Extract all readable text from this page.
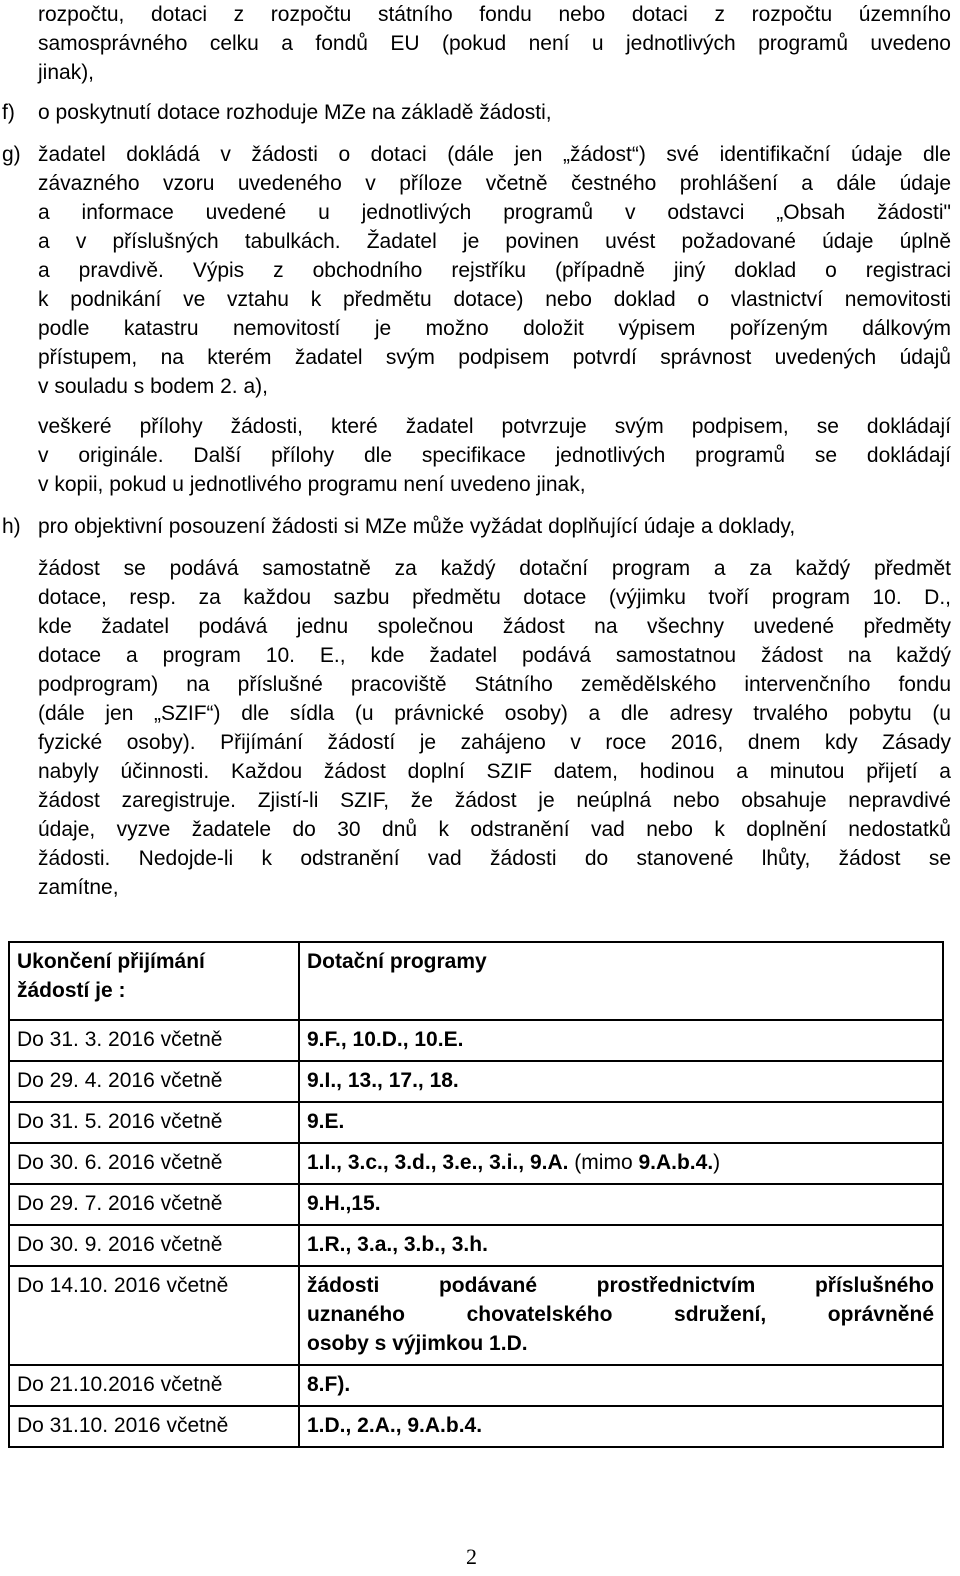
rozpočtu, dotaci z rozpočtu státního fondu nebo dotaci z rozpočtu územního
samosprávného celku a fondů EU (pokud není u jednotlivých programů uvedeno
jinak),
f)	o poskytnutí dotace rozhoduje MZe na základě žádosti,
g) žadatel dokládá v žádosti o dotaci (dále jen „žádost“) své identifikační údaje dle
závazného vzoru uvedeného v příloze včetně čestného prohlášení a dále údaje
a informace uvedené u jednotlivých programů v odstavci „Obsah žádosti"
a v příslušných tabulkách. Žadatel je povinen uvést požadované údaje úplně
a pravdivě. Výpis z obchodního rejstříku (případně jiný doklad o registraci
k podnikání ve vztahu k předmětu dotace) nebo doklad o vlastnictví nemovitosti
podle katastru nemovitostí je možno doložit výpisem pořízeným dálkovým
přístupem, na kterém žadatel svým podpisem potvrdí správnost uvedených údajů
v souladu s bodem 2. a),
veškeré přílohy žádosti, které žadatel potvrzuje svým podpisem, se dokládají
v originále. Další přílohy dle specifikace jednotlivých programů se dokládají
v kopii, pokud u jednotlivého programu není uvedeno jinak,
h) pro objektivní posouzení žádosti si MZe může vyžádat doplňující údaje a doklady,
žádost se podává samostatně za každý dotační program a za každý předmět
dotace, resp. za každou sazbu předmětu dotace (výjimku tvoří program 10. D.,
kde žadatel podává jednu společnou žádost na všechny uvedené předměty
dotace a program 10. E., kde žadatel podává samostatnou žádost na každý
podprogram) na příslušné pracoviště Státního zemědělského intervenčního fondu
(dále jen „SZIF“) dle sídla (u právnické osoby) a dle adresy trvalého pobytu (u
fyzické osoby). Přijímání žádostí je zahájeno v roce 2016, dnem kdy Zásady
nabyly účinnosti. Každou žádost doplní SZIF datem, hodinou a minutou přijetí a
žádost zaregistruje. Zjistí-li SZIF, že žádost je neúplná nebo obsahuje nepravdivé
údaje, vyzve žadatele do 30 dnů k odstranění vad nebo k doplnění nedostatků
žádosti. Nedojde-li k odstranění vad žádosti do stanovené lhůty, žádost se
zamítne,
Ukončení přijímání
žádostí je :	Dotační programy
Do 31. 3. 2016 včetně	9.F., 10.D., 10.E.
Do 29. 4. 2016 včetně	9.I., 13., 17., 18.
Do 31. 5. 2016 včetně	9.E.
Do 30. 6. 2016 včetně	1.I., 3.c., 3.d., 3.e., 3.i., 9.A. (mimo 9.A.b.4.)
Do 29. 7. 2016 včetně	9.H.,15.
Do 30. 9. 2016 včetně	1.R., 3.a., 3.b., 3.h.
Do 14.10. 2016 včetně	žádosti podávané prostřednictvím příslušného
uznaného chovatelského sdružení, oprávněné
osoby s výjimkou 1.D.

Do 21.10.2016 včetně	8.F).
Do 31.10. 2016 včetně	1.D., 2.A., 9.A.b.4.
2
